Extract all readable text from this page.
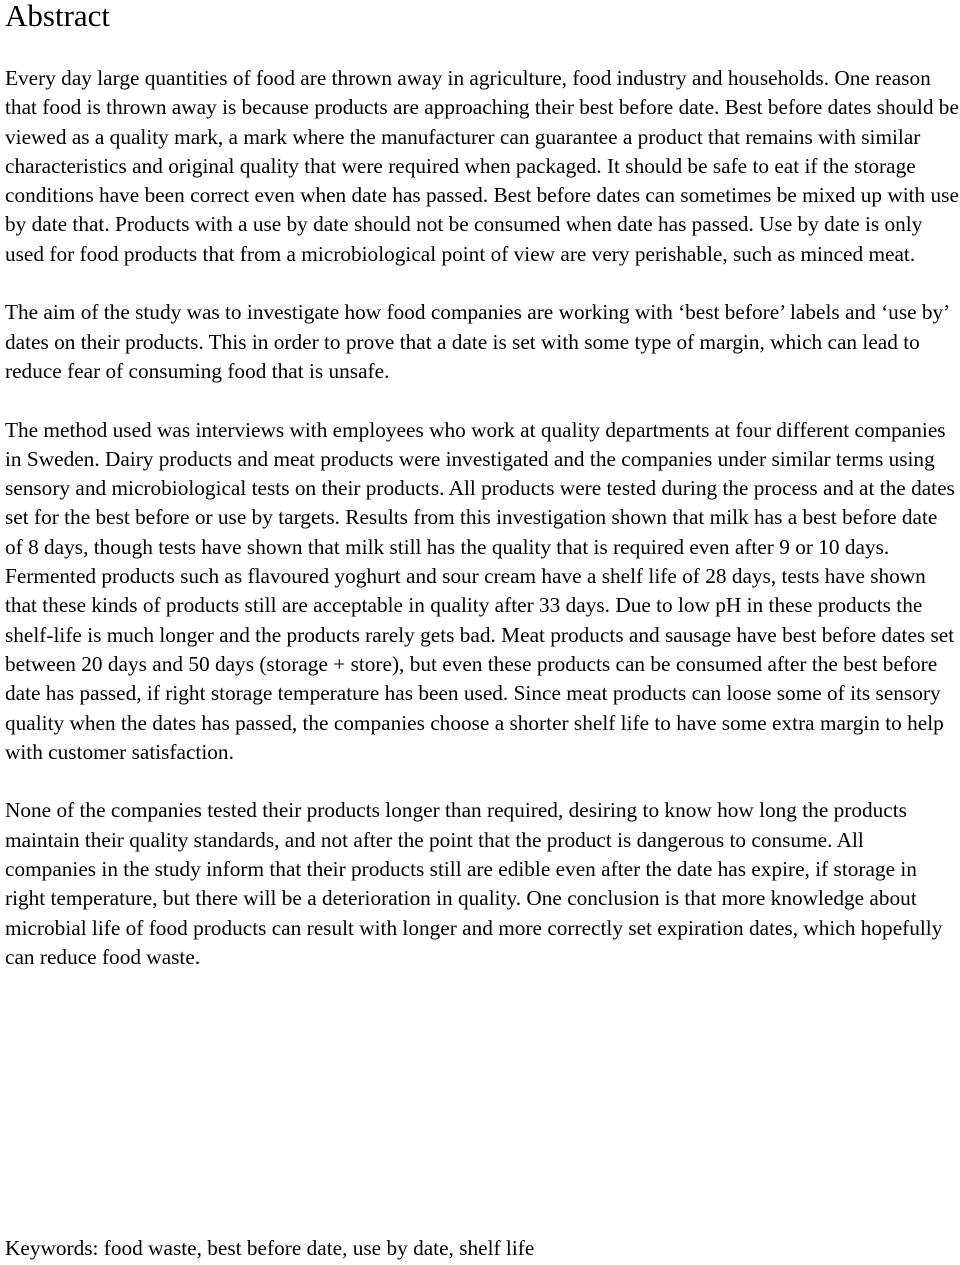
Abstract

Every day large quantities of food are thrown away in agriculture, food industry and households. One reason that food is thrown away is because products are approaching their best before date. Best before dates should be viewed as a quality mark, a mark where the manufacturer can guarantee a product that remains with similar characteristics and original quality that were required when packaged. It should be safe to eat if the storage conditions have been correct even when date has passed. Best before dates can sometimes be mixed up with use by date that. Products with a use by date should not be consumed when date has passed. Use by date is only used for food products that from a microbiological point of view are very perishable, such as minced meat.

The aim of the study was to investigate how food companies are working with ‘best before’ labels and ‘use by’ dates on their products. This in order to prove that a date is set with some type of margin, which can lead to reduce fear of consuming food that is unsafe.

The method used was interviews with employees who work at quality departments at four different companies in Sweden. Dairy products and meat products were investigated and the companies under similar terms using sensory and microbiological tests on their products. All products were tested during the process and at the dates set for the best before or use by targets. Results from this investigation shown that milk has a best before date of 8 days, though tests have shown that milk still has the quality that is required even after 9 or 10 days. Fermented products such as flavoured yoghurt and sour cream have a shelf life of 28 days, tests have shown that these kinds of products still are acceptable in quality after 33 days. Due to low pH in these products the shelf-life is much longer and the products rarely gets bad. Meat products and sausage have best before dates set between 20 days and 50 days (storage + store), but even these products can be consumed after the best before date has passed, if right storage temperature has been used. Since meat products can loose some of its sensory quality when the dates has passed, the companies choose a shorter shelf life to have some extra margin to help with customer satisfaction.

None of the companies tested their products longer than required, desiring to know how long the products maintain their quality standards, and not after the point that the product is dangerous to consume. All companies in the study inform that their products still are edible even after the date has expire, if storage in right temperature, but there will be a deterioration in quality. One conclusion is that more knowledge about microbial life of food products can result with longer and more correctly set expiration dates, which hopefully can reduce food waste.

Keywords: food waste, best before date, use by date, shelf life
